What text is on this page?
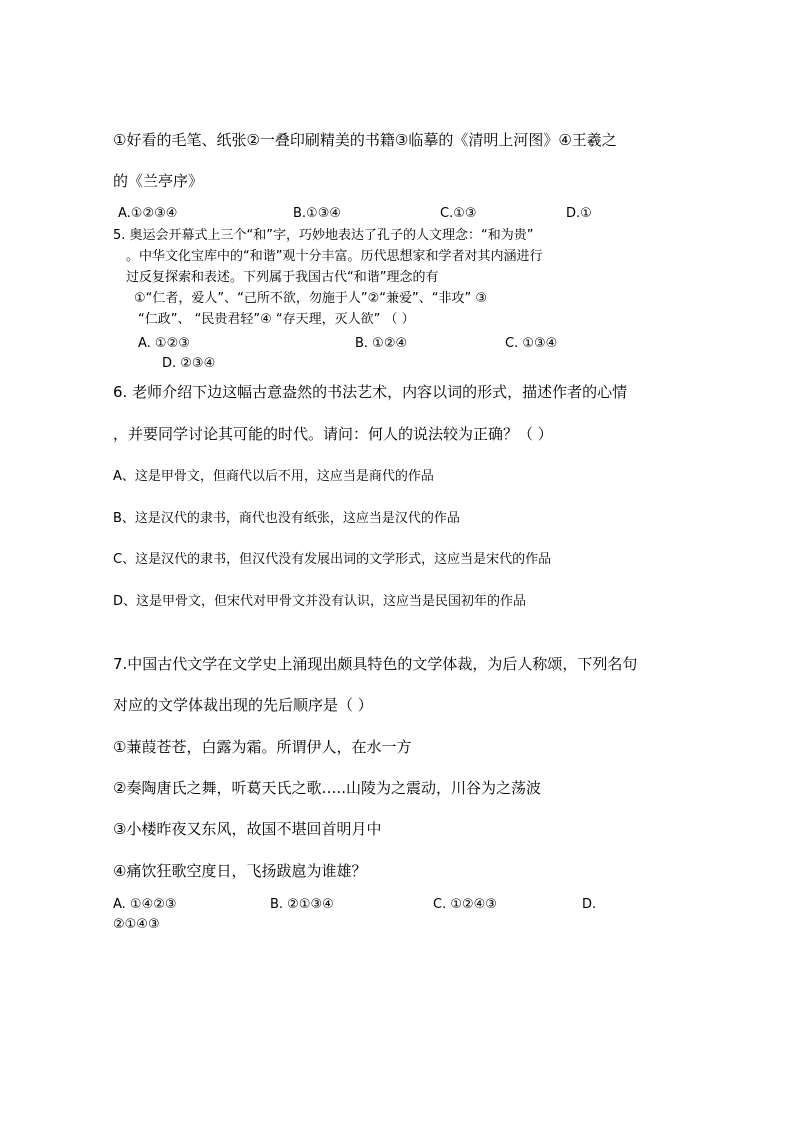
①好看的毛笔、纸张②一叠印刷精美的书籍③临摹的《清明上河图》④王羲之
的《兰亭序》
A.①②③④	B.①③④	C.①③	D.①
5. 奥运会开幕式上三个“和”字，巧妙地表达了孔子的人文理念：“和为贵”
。中华文化宝库中的“和谐”观十分丰富。历代思想家和学者对其内涵进行
过反复探索和表述。下列属于我国古代“和谐”理念的有
①“仁者，爱人”、“己所不欲，勿施于人”②“兼爱”、“非攻” ③
“仁政”、 “民贵君轻”④ “存天理，灭人欲” （ ）
A. ①②③	B. ①②④	C. ①③④
D. ②③④
6. 老师介绍下边这幅古意盎然的书法艺术，内容以词的形式，描述作者的心情
，并要同学讨论其可能的时代。请问：何人的说法较为正确？（ ）
A、这是甲骨文，但商代以后不用，这应当是商代的作品
B、这是汉代的隶书，商代也没有纸张，这应当是汉代的作品
C、这是汉代的隶书，但汉代没有发展出词的文学形式，这应当是宋代的作品
D、这是甲骨文，但宋代对甲骨文并没有认识，这应当是民国初年的作品
7.中国古代文学在文学史上涌现出颇具特色的文学体裁，为后人称颂，下列名句
对应的文学体裁出现的先后顺序是（ ）
①蒹葭苍苍，白露为霜。所谓伊人，在水一方
②奏陶唐氏之舞，听葛天氏之歌…..山陵为之震动，川谷为之荡波
③小楼昨夜又东风，故国不堪回首明月中
④痛饮狂歌空度日，飞扬跋扈为谁雄？
A. ①④②③	B. ②①③④	C. ①②④③	D.
②①④③
